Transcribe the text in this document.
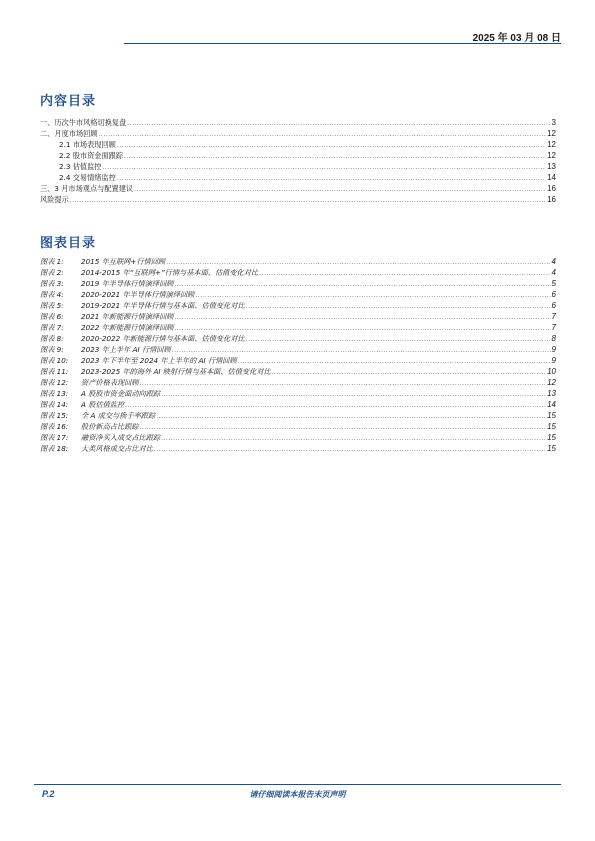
2025 年 03 月 08 日
内容目录
一、历次牛市风格切换复盘 .....	3
二、月度市场回顾 .....	12
2.1 市场表现回顾 .....	12
2.2 股市资金面跟踪 .....	12
2.3 估值监控 .....	13
2.4 交易情绪监控 .....	14
三、3 月市场观点与配置建议 .....	16
风险提示 .....	16
图表目录
图表 1: 2015 年互联网+行情回顾 .....	4
图表 2: 2014-2015 年“互联网+”行情与基本面、估值变化对比 .....	4
图表 3: 2019 年半导体行情演绎回顾 .....	5
图表 4: 2020-2021 年半导体行情演绎回顾 .....	6
图表 5: 2019-2021 年半导体行情与基本面、估值变化对比 .....	6
图表 6: 2021 年新能源行情演绎回顾 .....	7
图表 7: 2022 年新能源行情演绎回顾 .....	7
图表 8: 2020-2022 年新能源行情与基本面、估值变化对比 .....	8
图表 9: 2023 年上半年 AI 行情回顾 .....	9
图表 10: 2023 年下半年至 2024 年上半年的 AI 行情回顾 .....	9
图表 11: 2023-2025 年的海外 AI 映射行情与基本面、估值变化对比 .....	10
图表 12: 资产价格表现回顾 .....	12
图表 13: A 股股市资金面动向跟踪 .....	13
图表 14: A 股估值监控 .....	14
图表 15: 全 A 成交与换手率跟踪 .....	15
图表 16: 股价新高占比跟踪 .....	15
图表 17: 融资净买入成交占比跟踪 .....	15
图表 18: 大类风格成交占比对比 .....	15
P.2	请仔细阅读本报告末页声明
